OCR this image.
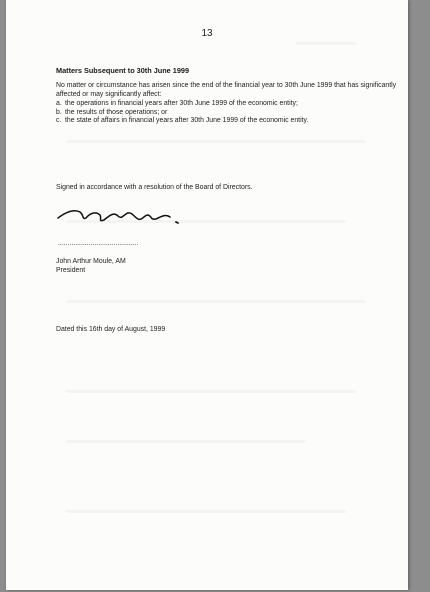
13
Matters Subsequent to 30th June 1999
No matter or circumstance has arisen since the end of the financial year to 30th June 1999 that has significantly
affected or may significantly affect:
a. the operations in financial years after 30th June 1999 of the economic entity;
b. the results of those operations; or
c. the state of affairs in financial years after 30th June 1999 of the economic entity.
Signed in accordance with a resolution of the Board of Directors.
..........................................
John Arthur Moule, AM
President
Dated this 16th day of August, 1999
